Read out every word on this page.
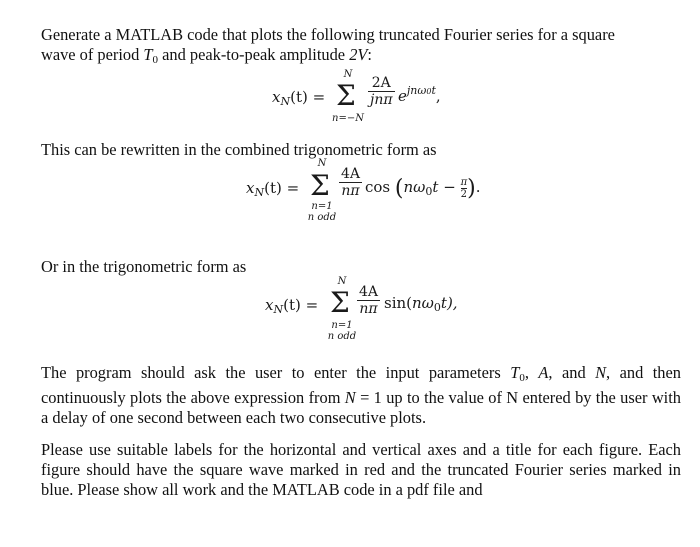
Generate a MATLAB code that plots the following truncated Fourier series for a square
wave of period $T_0$ and peak-to-peak amplitude 2V:

$x_N(t)$ =
N
Σ
n=−N
2A
jnπ $e^{jn\omega 0t}$,

This can be rewritten in the combined trigonometric form as

$x_N(t)$ =
N
Σ
n=1
n odd
$\frac{4A}{n\pi}$ $\cos (n\omega_0t - \frac{\pi}{2}$ ).

Or in the trigonometric form as

$x_N(t)$ =
N
Σ
n=1
n odd
$\frac{4A}{n\pi} \sin(n\omega_0t)$,

The program should ask the user to enter the input parameters $T_0$, A, and N, and then continuously plots the above expression from N = 1 up to the value of N entered by the user with a delay of one second between each two consecutive plots.

Please use suitable labels for the horizontal and vertical axes and a title for each figure. Each figure should have the square wave marked in red and the truncated Fourier series marked in blue. Please show all work and the MATLAB code in a pdf file and
